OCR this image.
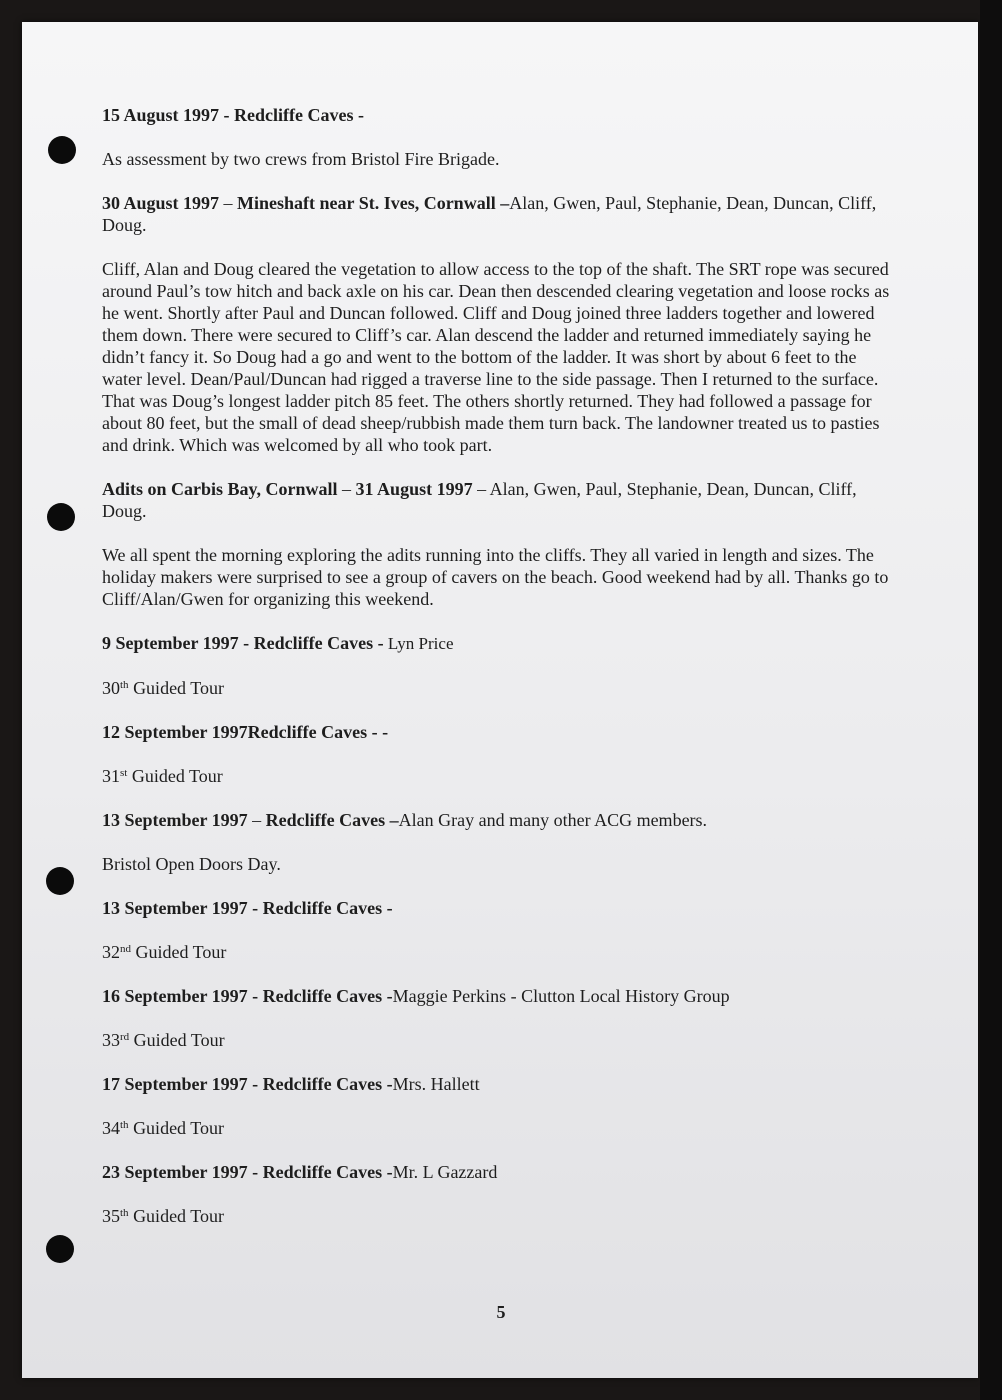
15 August 1997 - Redcliffe Caves -

As assessment by two crews from Bristol Fire Brigade.

30 August 1997 – Mineshaft near St. Ives, Cornwall –Alan, Gwen, Paul, Stephanie, Dean, Duncan, Cliff, Doug.

Cliff, Alan and Doug cleared the vegetation to allow access to the top of the shaft. The SRT rope was secured around Paul’s tow hitch and back axle on his car. Dean then descended clearing vegetation and loose rocks as he went. Shortly after Paul and Duncan followed. Cliff and Doug joined three ladders together and lowered them down. There were secured to Cliff’s car. Alan descend the ladder and returned immediately saying he didn’t fancy it. So Doug had a go and went to the bottom of the ladder. It was short by about 6 feet to the water level. Dean/Paul/Duncan had rigged a traverse line to the side passage. Then I returned to the surface. That was Doug’s longest ladder pitch 85 feet. The others shortly returned. They had followed a passage for about 80 feet, but the small of dead sheep/rubbish made them turn back. The landowner treated us to pasties and drink. Which was welcomed by all who took part.

Adits on Carbis Bay, Cornwall – 31 August 1997 – Alan, Gwen, Paul, Stephanie, Dean, Duncan, Cliff, Doug.

We all spent the morning exploring the adits running into the cliffs. They all varied in length and sizes. The holiday makers were surprised to see a group of cavers on the beach. Good weekend had by all. Thanks go to Cliff/Alan/Gwen for organizing this weekend.

9 September 1997 - Redcliffe Caves - Lyn Price

30th Guided Tour

12 September 1997Redcliffe Caves - -

31st Guided Tour

13 September 1997 – Redcliffe Caves –Alan Gray and many other ACG members.

Bristol Open Doors Day.

13 September 1997 - Redcliffe Caves -

32nd Guided Tour

16 September 1997 - Redcliffe Caves -Maggie Perkins - Clutton Local History Group

33rd Guided Tour

17 September 1997 - Redcliffe Caves -Mrs. Hallett

34th Guided Tour

23 September 1997 - Redcliffe Caves -Mr. L Gazzard

35th Guided Tour

5
